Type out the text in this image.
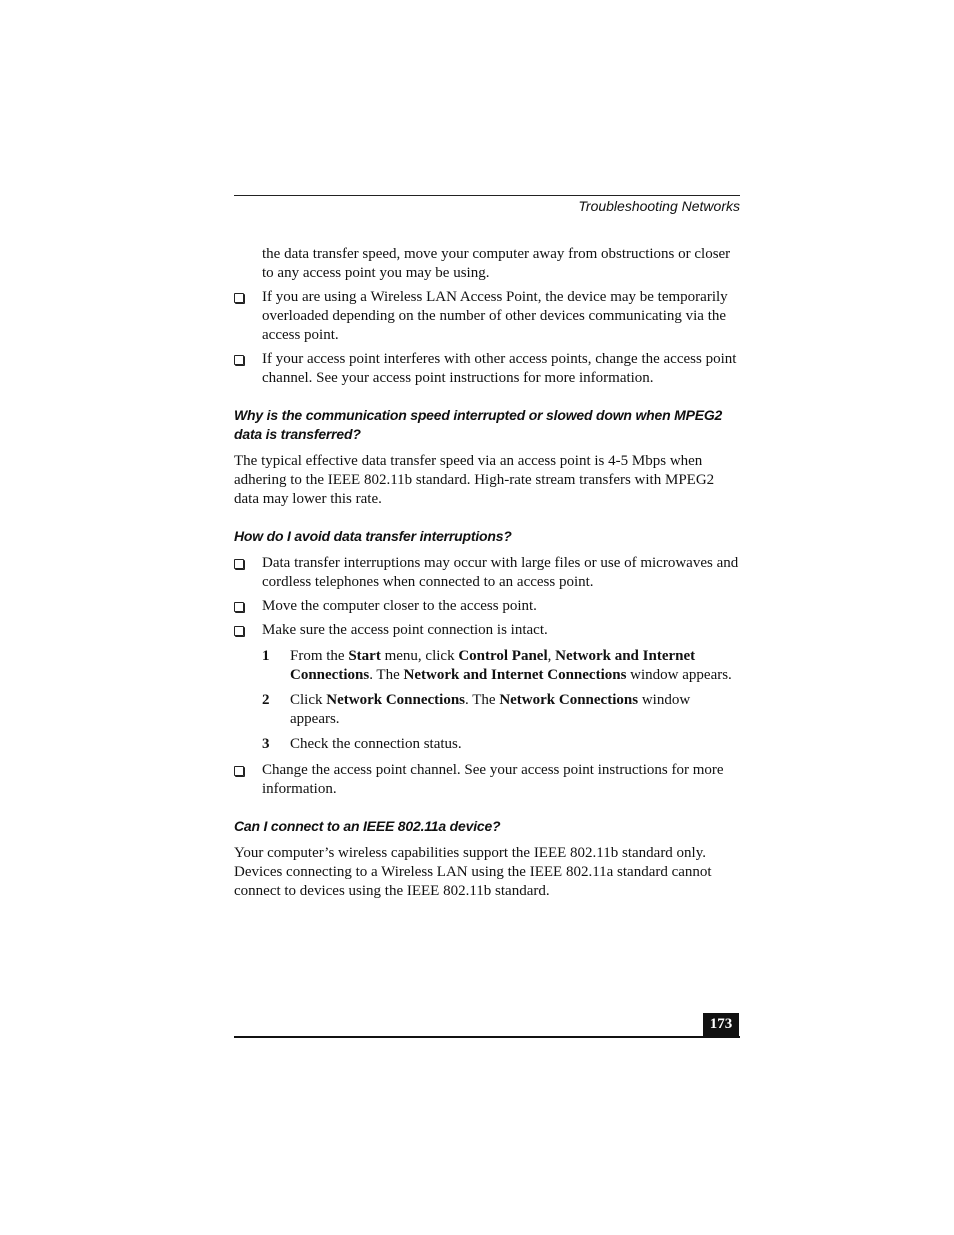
Troubleshooting Networks

the data transfer speed, move your computer away from obstructions or closer to any access point you may be using.

If you are using a Wireless LAN Access Point, the device may be temporarily overloaded depending on the number of other devices communicating via the access point.
If your access point interferes with other access points, change the access point channel. See your access point instructions for more information.
Why is the communication speed interrupted or slowed down when MPEG2 data is transferred?

The typical effective data transfer speed via an access point is 4-5 Mbps when adhering to the IEEE 802.11b standard. High-rate stream transfers with MPEG2 data may lower this rate.

How do I avoid data transfer interruptions?
Data transfer interruptions may occur with large files or use of microwaves and cordless telephones when connected to an access point.
Move the computer closer to the access point.
Make sure the access point connection is intact.
1 From the Start menu, click Control Panel, Network and Internet Connections. The Network and Internet Connections window appears.
2 Click Network Connections. The Network Connections window appears.
3 Check the connection status.
Change the access point channel. See your access point instructions for more information.
Can I connect to an IEEE 802.11a device?

Your computer’s wireless capabilities support the IEEE 802.11b standard only. Devices connecting to a Wireless LAN using the IEEE 802.11a standard cannot connect to devices using the IEEE 802.11b standard.

173
